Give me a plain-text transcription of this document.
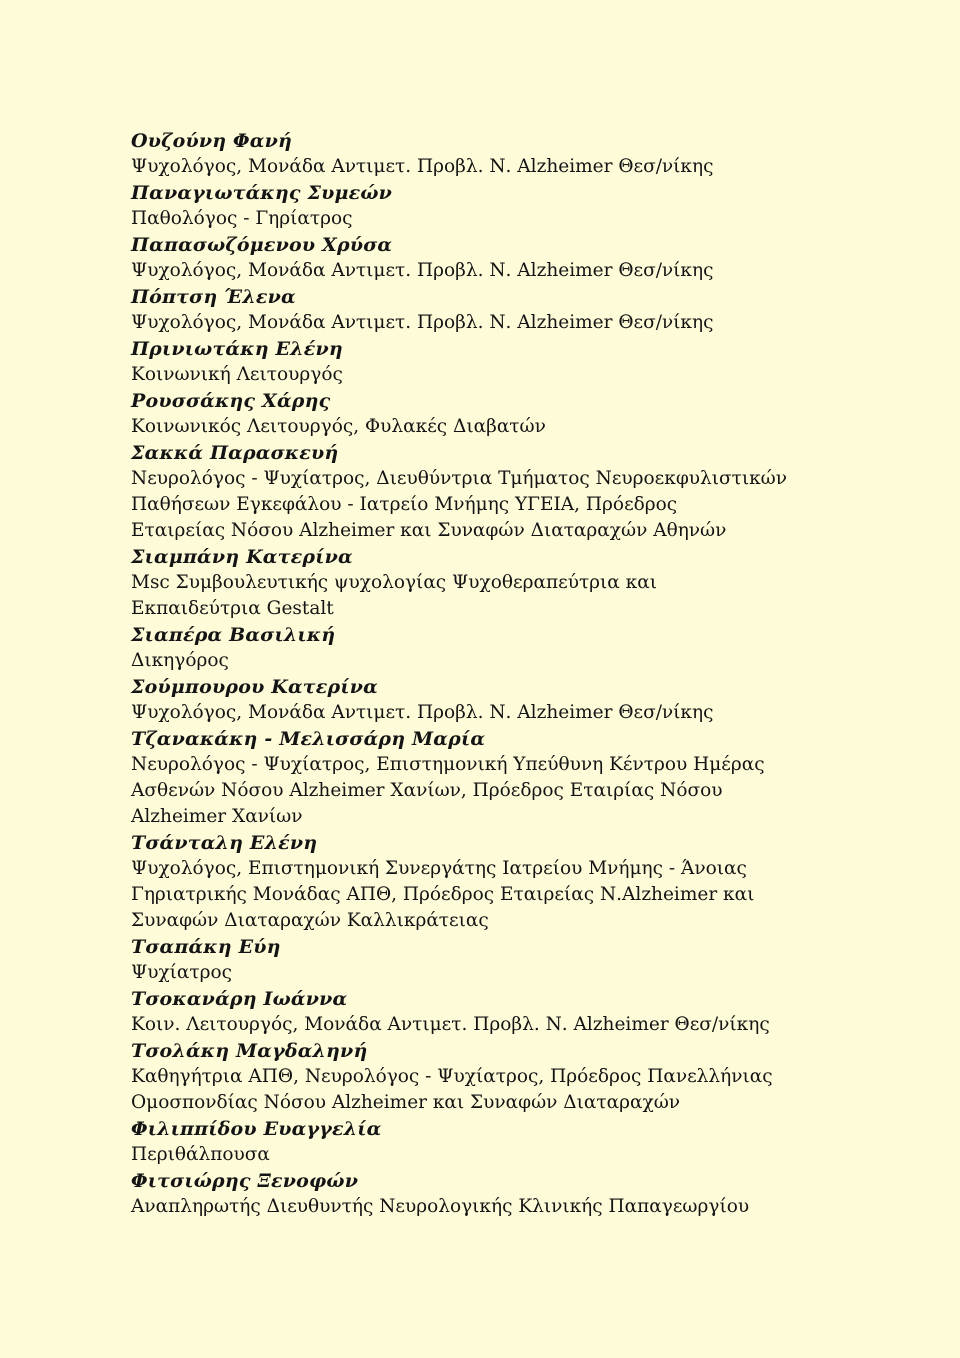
Ουζούνη Φανή
Ψυχολόγος, Μονάδα Αντιμετ. Προβλ. Ν. Alzheimer Θεσ/νίκης
Παναγιωτάκης Συμεών
Παθολόγος - Γηρίατρος
Παπασωζόμενου Χρύσα
Ψυχολόγος, Μονάδα Αντιμετ. Προβλ. Ν. Alzheimer Θεσ/νίκης
Πόπτση Έλενα
Ψυχολόγος, Μονάδα Αντιμετ. Προβλ. Ν. Alzheimer Θεσ/νίκης
Πρινιωτάκη Ελένη
Κοινωνική Λειτουργός
Ρουσσάκης Χάρης
Κοινωνικός Λειτουργός, Φυλακές Διαβατών
Σακκά Παρασκευή
Νευρολόγος - Ψυχίατρος, Διευθύντρια Τμήματος Νευροεκφυλιστικών
Παθήσεων Εγκεφάλου - Ιατρείο Μνήμης ΥΓΕΙΑ, Πρόεδρος
Εταιρείας Νόσου Alzheimer και Συναφών Διαταραχών Αθηνών
Σιαμπάνη Κατερίνα
Msc Συμβουλευτικής ψυχολογίας Ψυχοθεραπεύτρια και
Εκπαιδεύτρια Gestalt
Σιαπέρα Βασιλική
Δικηγόρος
Σούμπουρου Κατερίνα
Ψυχολόγος, Μονάδα Αντιμετ. Προβλ. Ν. Alzheimer Θεσ/νίκης
Τζανακάκη - Μελισσάρη Μαρία
Νευρολόγος - Ψυχίατρος, Επιστημονική Υπεύθυνη Κέντρου Ημέρας
Ασθενών Νόσου Alzheimer Χανίων, Πρόεδρος Εταιρίας Νόσου
Alzheimer Χανίων
Τσάνταλη Ελένη
Ψυχολόγος, Επιστημονική Συνεργάτης Ιατρείου Μνήμης - Άνοιας
Γηριατρικής Μονάδας ΑΠΘ, Πρόεδρος Εταιρείας Ν.Alzheimer και
Συναφών Διαταραχών Καλλικράτειας
Τσαπάκη Εύη
Ψυχίατρος
Τσοκανάρη Ιωάννα
Κοιν. Λειτουργός, Μονάδα Αντιμετ. Προβλ. Ν. Alzheimer Θεσ/νίκης
Τσολάκη Μαγδαληνή
Καθηγήτρια ΑΠΘ, Νευρολόγος - Ψυχίατρος, Πρόεδρος Πανελλήνιας
Ομοσπονδίας Νόσου Alzheimer και Συναφών Διαταραχών
Φιλιππίδου Ευαγγελία
Περιθάλπουσα
Φιτσιώρης Ξενοφών
Αναπληρωτής Διευθυντής Νευρολογικής Κλινικής Παπαγεωργίου
